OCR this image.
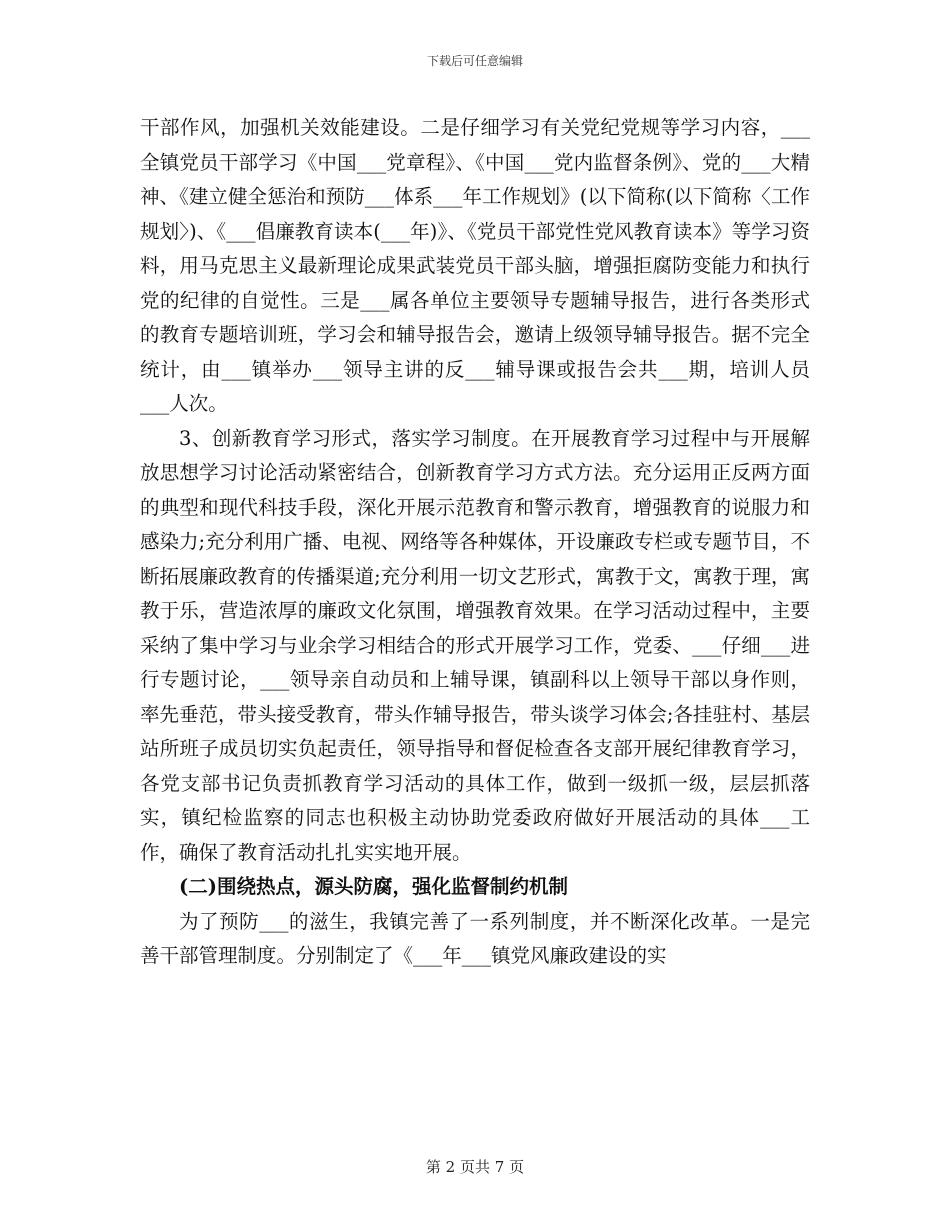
下载后可任意编辑

干部作风，加强机关效能建设。二是仔细学习有关党纪党规等学习内容，___全镇党员干部学习《中国___党章程》、《中国___党内监督条例》、党的___大精神、《建立健全惩治和预防___体系___年工作规划》(以下简称(以下简称〈工作规划〉)、《___倡廉教育读本(___年)》、《党员干部党性党风教育读本》等学习资料，用马克思主义最新理论成果武装党员干部头脑，增强拒腐防变能力和执行党的纪律的自觉性。三是___属各单位主要领导专题辅导报告，进行各类形式的教育专题培训班，学习会和辅导报告会，邀请上级领导辅导报告。据不完全统计，由___镇举办___领导主讲的反___辅导课或报告会共___期，培训人员___人次。

3、创新教育学习形式，落实学习制度。在开展教育学习过程中与开展解放思想学习讨论活动紧密结合，创新教育学习方式方法。充分运用正反两方面的典型和现代科技手段，深化开展示范教育和警示教育，增强教育的说服力和感染力;充分利用广播、电视、网络等各种媒体，开设廉政专栏或专题节目，不断拓展廉政教育的传播渠道;充分利用一切文艺形式，寓教于文，寓教于理，寓教于乐，营造浓厚的廉政文化氛围，增强教育效果。在学习活动过程中，主要采纳了集中学习与业余学习相结合的形式开展学习工作，党委、___仔细___进行专题讨论，___领导亲自动员和上辅导课，镇副科以上领导干部以身作则，率先垂范，带头接受教育，带头作辅导报告，带头谈学习体会;各挂驻村、基层站所班子成员切实负起责任，领导指导和督促检查各支部开展纪律教育学习，各党支部书记负责抓教育学习活动的具体工作，做到一级抓一级，层层抓落实，镇纪检监察的同志也积极主动协助党委政府做好开展活动的具体___工作，确保了教育活动扎扎实实地开展。

(二)围绕热点，源头防腐，强化监督制约机制

为了预防___的滋生，我镇完善了一系列制度，并不断深化改革。一是完善干部管理制度。分别制定了《___年___镇党风廉政建设的实

第 2 页共 7 页
